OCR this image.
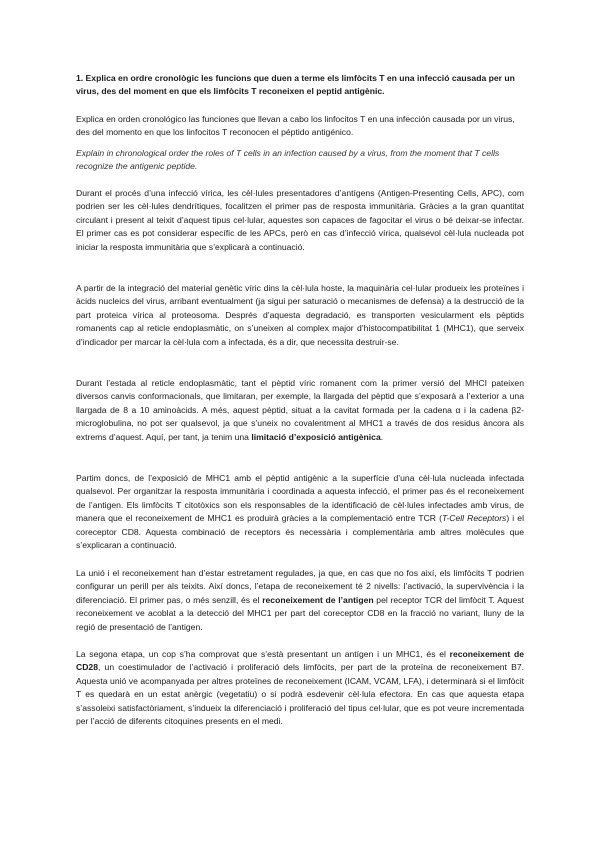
1. Explica en ordre cronològic les funcions que duen a terme els limfòcits T en una infecció causada per un virus, des del moment en que els limfòcits T reconeixen el peptid antigènic.

Explica en orden cronológico las funciones que llevan a cabo los linfocitos T en una infección causada por un virus, des del momento en que los linfocitos T reconocen el péptido antigénico.

Explain in chronological order the roles of T cells in an infection caused by a virus, from the moment that T cells recognize the antigenic peptide.

Durant el procés d’una infecció vírica, les cèl·lules presentadores d’antígens (Antigen-Presenting Cells, APC), com podrien ser les cèl·lules dendrítiques, focalitzen el primer pas de resposta immunitària. Gràcies a la gran quantitat circulant i present al teixit d’aquest tipus cel·lular, aquestes son capaces de fagocitar el virus o bé deixar-se infectar. El primer cas es pot considerar específic de les APCs, però en cas d’infecció vírica, qualsevol cèl·lula nucleada pot iniciar la resposta immunitària que s’explicarà a continuació.

A partir de la integració del material genètic víric dins la cèl·lula hoste, la maquinària cel·lular produeix les proteïnes i àcids nucleics del virus, arribant eventualment (ja sigui per saturació o mecanismes de defensa) a la destrucció de la part proteica vírica al proteosoma. Després d’aquesta degradació, es transporten vesicularment els pèptids romanents cap al reticle endoplasmàtic, on s’uneixen al complex major d’histocompatibilitat 1 (MHC1), que serveix d’indicador per marcar la cèl·lula com a infectada, és a dir, que necessita destruir-se.

Durant l’estada al reticle endoplasmàtic, tant el pèptid víric romanent com la primer versió del MHCI pateixen diversos canvis conformacionals, que limitaran, per exemple, la llargada del pèptid que s’exposarà a l’exterior a una llargada de 8 a 10 aminoàcids. A més, aquest pèptid, situat a la cavitat formada per la cadena α i la cadena β2-microglobulina, no pot ser qualsevol, ja que s’uneix no covalentment al MHC1 a través de dos residus àncora als extrems d’aquest. Aquí, per tant, ja tenim una limitació d’exposició antigènica.

Partim doncs, de l’exposició de MHC1 amb el pèptid antigènic a la superfície d’una cèl·lula nucleada infectada qualsevol. Per organitzar la resposta immunitària i coordinada a aquesta infecció, el primer pas és el reconeixement de l’antigen. Els limfòcits T citotòxics son els responsables de la identificació de cèl·lules infectades amb virus, de manera que el reconeixement de MHC1 es produirà gràcies a la complementació entre TCR (T-Cell Receptors) i el coreceptor CD8. Aquesta combinació de receptors és necessària i complementària amb altres molècules que s’explicaran a continuació.

La unió i el reconeixement han d’estar estretament regulades, ja que, en cas que no fos així, els limfòcits T podrien configurar un perill per als teixits. Així doncs, l’etapa de reconeixement té 2 nivells: l’activació, la supervivència i la diferenciació. El primer pas, o més senzill, és el reconeixement de l’antigen pel receptor TCR del limfòcit T. Aquest reconeixement ve acoblat a la detecció del MHC1 per part del coreceptor CD8 en la fracció no variant, lluny de la regió de presentació de l’antigen.

La segona etapa, un cop s’ha comprovat que s’està presentant un antígen i un MHC1, és el reconeixement de CD28, un coestimulador de l’activació i proliferació dels limfòcits, per part de la proteïna de reconeixement B7. Aquesta unió ve acompanyada per altres proteïnes de reconeixement (ICAM, VCAM, LFA), i determinarà si el limfòcit T es quedarà en un estat anèrgic (vegetatiu) o si podrà esdevenir cèl·lula efectora. En cas que aquesta etapa s’assoleixi satisfactòriament, s’indueix la diferenciació i proliferació del tipus cel·lular, que es pot veure incrementada per l’acció de diferents citoquines presents en el medi.
